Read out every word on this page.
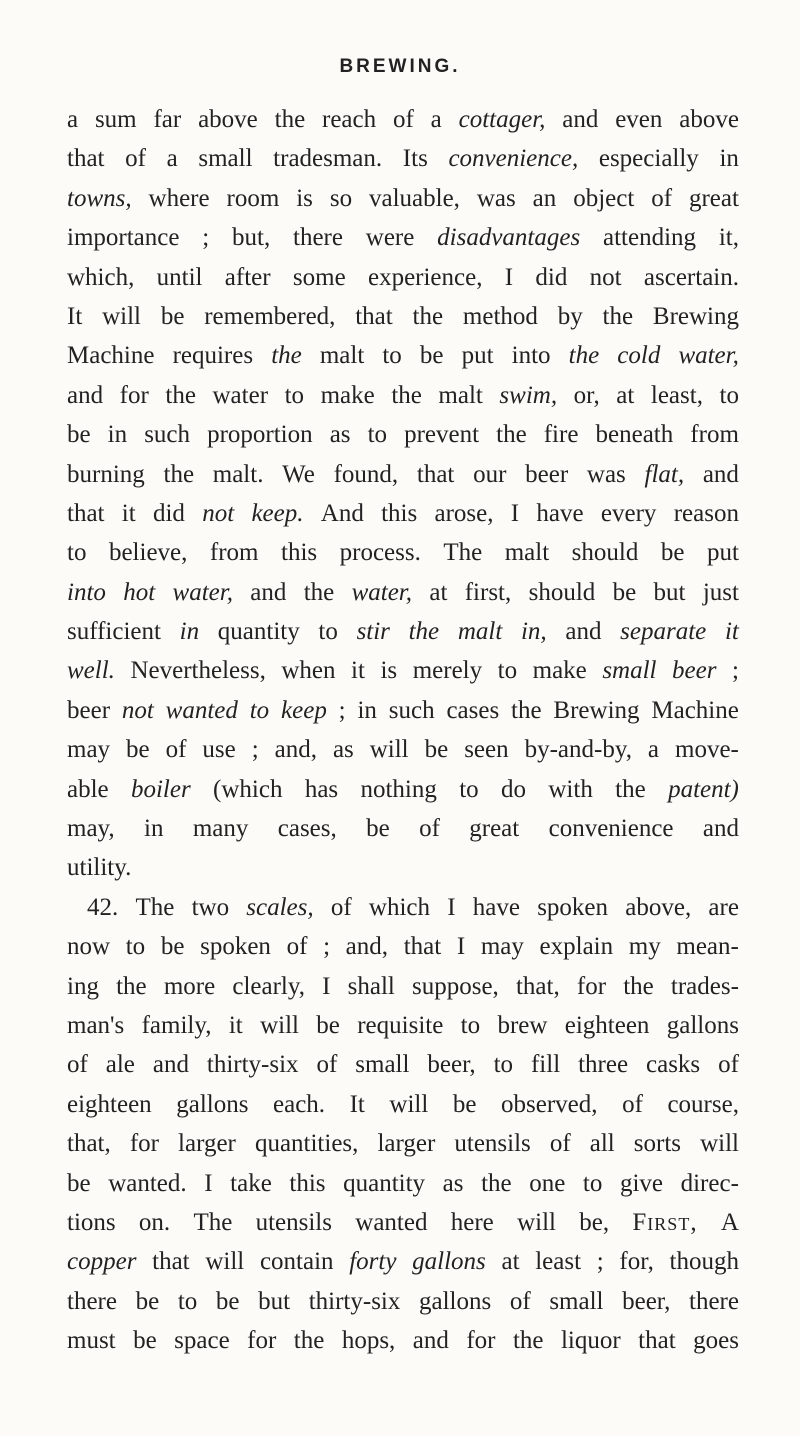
BREWING.
a sum far above the reach of a cottager, and even above
that of a small tradesman. Its convenience, especially in
towns, where room is so valuable, was an object of great
importance ; but, there were disadvantages attending it,
which, until after some experience, I did not ascertain.
It will be remembered, that the method by the Brewing
Machine requires the malt to be put into the cold water,
and for the water to make the malt swim, or, at least, to
be in such proportion as to prevent the fire beneath from
burning the malt. We found, that our beer was flat, and
that it did not keep. And this arose, I have every reason
to believe, from this process. The malt should be put
into hot water, and the water, at first, should be but just
sufficient in quantity to stir the malt in, and separate it
well. Nevertheless, when it is merely to make small beer ;
beer not wanted to keep ; in such cases the Brewing Machine
may be of use ; and, as will be seen by-and-by, a move-
able boiler (which has nothing to do with the patent)
may, in many cases, be of great convenience and
utility.
42. The two scales, of which I have spoken above, are
now to be spoken of ; and, that I may explain my mean-
ing the more clearly, I shall suppose, that, for the trades-
man's family, it will be requisite to brew eighteen gallons
of ale and thirty-six of small beer, to fill three casks of
eighteen gallons each. It will be observed, of course,
that, for larger quantities, larger utensils of all sorts will
be wanted. I take this quantity as the one to give direc-
tions on. The utensils wanted here will be, First, A
copper that will contain forty gallons at least ; for, though
there be to be but thirty-six gallons of small beer, there
must be space for the hops, and for the liquor that goes
